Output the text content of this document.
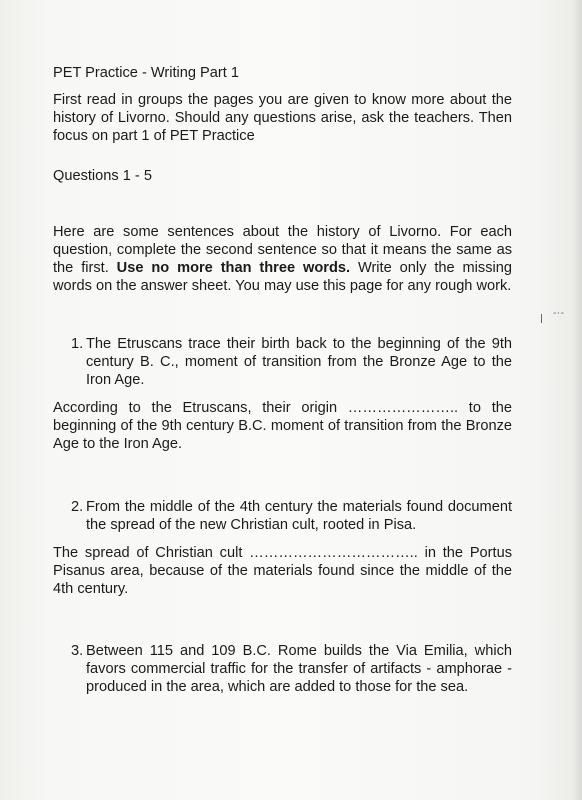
PET Practice - Writing Part 1

First read in groups the pages you are given to know more about the history of Livorno. Should any questions arise, ask the teachers. Then focus on part 1 of PET Practice

Questions 1 - 5

Here are some sentences about the history of Livorno. For each question, complete the second sentence so that it means the same as the first. Use no more than three words. Write only the missing words on the answer sheet. You may use this page for any rough work.

1. The Etruscans trace their birth back to the beginning of the 9th century B. C., moment of transition from the Bronze Age to the Iron Age.

According to the Etruscans, their origin ………………….. to the beginning of the 9th century B.C. moment of transition from the Bronze Age to the Iron Age.

2. From the middle of the 4th century the materials found document the spread of the new Christian cult, rooted in Pisa.

The spread of Christian cult …………………………….. in the Portus Pisanus area, because of the materials found since the middle of the 4th century.

3. Between 115 and 109 B.C. Rome builds the Via Emilia, which favors commercial traffic for the transfer of artifacts - amphorae - produced in the area, which are added to those for the sea.
-·-
